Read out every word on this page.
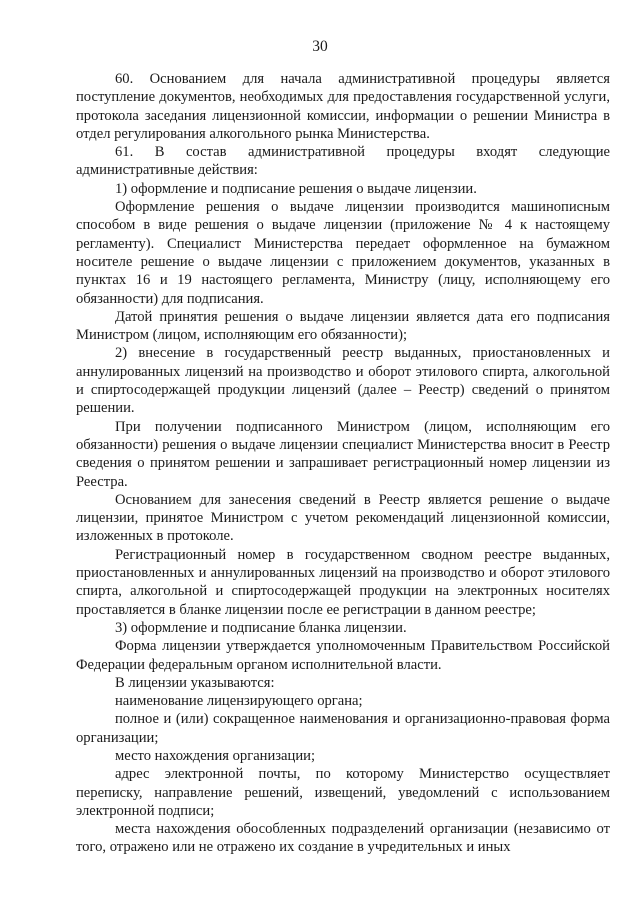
30

60. Основанием для начала административной процедуры является поступление документов, необходимых для предоставления государственной услуги, протокола заседания лицензионной комиссии, информации о решении Министра в отдел регулирования алкогольного рынка Министерства.

61. В состав административной процедуры входят следующие административные действия:

1) оформление и подписание решения о выдаче лицензии.

Оформление решения о выдаче лицензии производится машинописным способом в виде решения о выдаче лицензии (приложение № 4 к настоящему регламенту). Специалист Министерства передает оформленное на бумажном носителе решение о выдаче лицензии с приложением документов, указанных в пунктах 16 и 19 настоящего регламента, Министру (лицу, исполняющему его обязанности) для подписания.

Датой принятия решения о выдаче лицензии является дата его подписания Министром (лицом, исполняющим его обязанности);

2) внесение в государственный реестр выданных, приостановленных и аннулированных лицензий на производство и оборот этилового спирта, алкогольной и спиртосодержащей продукции лицензий (далее – Реестр) сведений о принятом решении.

При получении подписанного Министром (лицом, исполняющим его обязанности) решения о выдаче лицензии специалист Министерства вносит в Реестр сведения о принятом решении и запрашивает регистрационный номер лицензии из Реестра.

Основанием для занесения сведений в Реестр является решение о выдаче лицензии, принятое Министром с учетом рекомендаций лицензионной комиссии, изложенных в протоколе.

Регистрационный номер в государственном сводном реестре выданных, приостановленных и аннулированных лицензий на производство и оборот этилового спирта, алкогольной и спиртосодержащей продукции на электронных носителях проставляется в бланке лицензии после ее регистрации в данном реестре;

3) оформление и подписание бланка лицензии.

Форма лицензии утверждается уполномоченным Правительством Российской Федерации федеральным органом исполнительной власти.

В лицензии указываются:

наименование лицензирующего органа;

полное и (или) сокращенное наименования и организационно-правовая форма организации;

место нахождения организации;

адрес электронной почты, по которому Министерство осуществляет переписку, направление решений, извещений, уведомлений с использованием электронной подписи;

места нахождения обособленных подразделений организации (независимо от того, отражено или не отражено их создание в учредительных и иных
